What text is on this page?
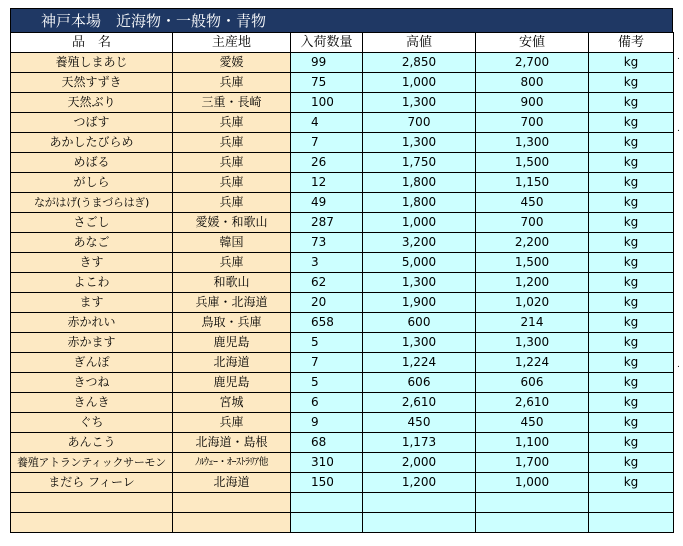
神戸本場　近海物・一般物・青物
品　名	主産地	入荷数量	高値	安値	備考
養殖しまあじ	愛媛	99	2,850	2,700	kg
天然すずき	兵庫	75	1,000	800	kg
天然ぶり	三重・長崎	100	1,300	900	kg
つばす	兵庫	4	700	700	kg
あかしたびらめ	兵庫	7	1,300	1,300	kg
めばる	兵庫	26	1,750	1,500	kg
がしら	兵庫	12	1,800	1,150	kg
ながはげ(うまづらはぎ)	兵庫	49	1,800	450	kg
さごし	愛媛・和歌山	287	1,000	700	kg
あなご	韓国	73	3,200	2,200	kg
きす	兵庫	3	5,000	1,500	kg
よこわ	和歌山	62	1,300	1,200	kg
ます	兵庫・北海道	20	1,900	1,020	kg
赤かれい	鳥取・兵庫	658	600	214	kg
赤かます	鹿児島	5	1,300	1,300	kg
ぎんぽ	北海道	7	1,224	1,224	kg
きつね	鹿児島	5	606	606	kg
きんき	宮城	6	2,610	2,610	kg
ぐち	兵庫	9	450	450	kg
あんこう	北海道・島根	68	1,173	1,100	kg
養殖アトランティックサーモン	ﾉﾙｳｪｰ・ｵｰｽﾄﾗﾘｱ他	310	2,000	1,700	kg
まだら フィーレ	北海道	150	1,200	1,000	kg

.
.
.
